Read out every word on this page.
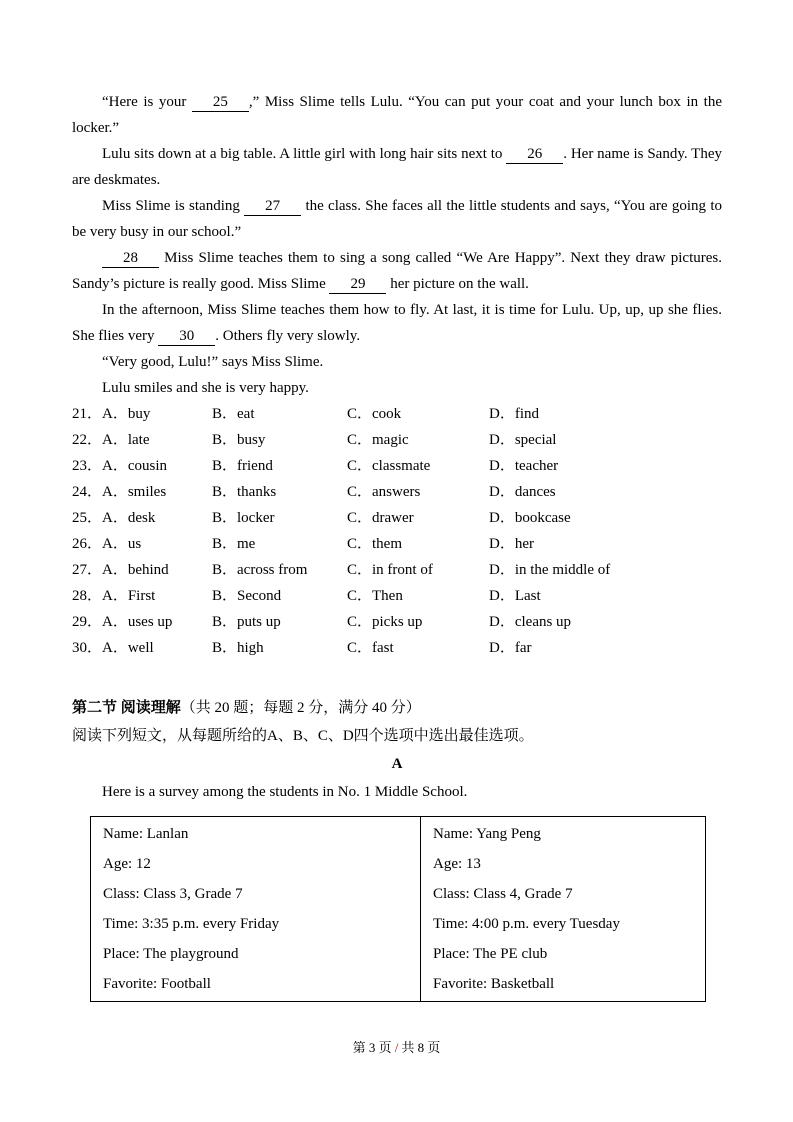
“Here is your 25 ,” Miss Slime tells Lulu. “You can put your coat and your lunch box in the locker.”

Lulu sits down at a big table. A little girl with long hair sits next to 26 . Her name is Sandy. They are deskmates.

Miss Slime is standing 27 the class. She faces all the little students and says, “You are going to be very busy in our school.”

28 Miss Slime teaches them to sing a song called “We Are Happy”. Next they draw pictures. Sandy’s picture is really good. Miss Slime 29 her picture on the wall.

In the afternoon, Miss Slime teaches them how to fly. At last, it is time for Lulu. Up, up, up she flies. She flies very 30 . Others fly very slowly.

“Very good, Lulu!” says Miss Slime.

Lulu smiles and she is very happy.

21． A．buy	B．eat	C．cook	D．find
22． A．late	B．busy	C．magic	D．special
23． A．cousin	B．friend	C．classmate	D．teacher
24． A．smiles	B．thanks	C．answers	D．dances
25． A．desk	B．locker	C．drawer	D．bookcase
26． A．us	B．me	C．them	D．her
27． A．behind	B．across from	C．in front of	D．in the middle of
28． A．First	B．Second	C．Then	D．Last
29． A．uses up	B．puts up	C．picks up	D．cleans up
30． A．well	B．high	C．fast	D．far
第二节 阅读理解（共 20 题；每题 2 分，满分 40 分）

阅读下列短文，从每题所给的A、B、C、D四个选项中选出最佳选项。

A

Here is a survey among the students in No. 1 Middle School.

Name: Lanlan

Age: 12

Class: Class 3, Grade 7

Time: 3:35 p.m. every Friday

Place: The playground

Favorite: Football

Name: Yang Peng

Age: 13

Class: Class 4, Grade 7

Time: 4:00 p.m. every Tuesday

Place: The PE club

Favorite: Basketball

第 3 页 / 共 8 页
